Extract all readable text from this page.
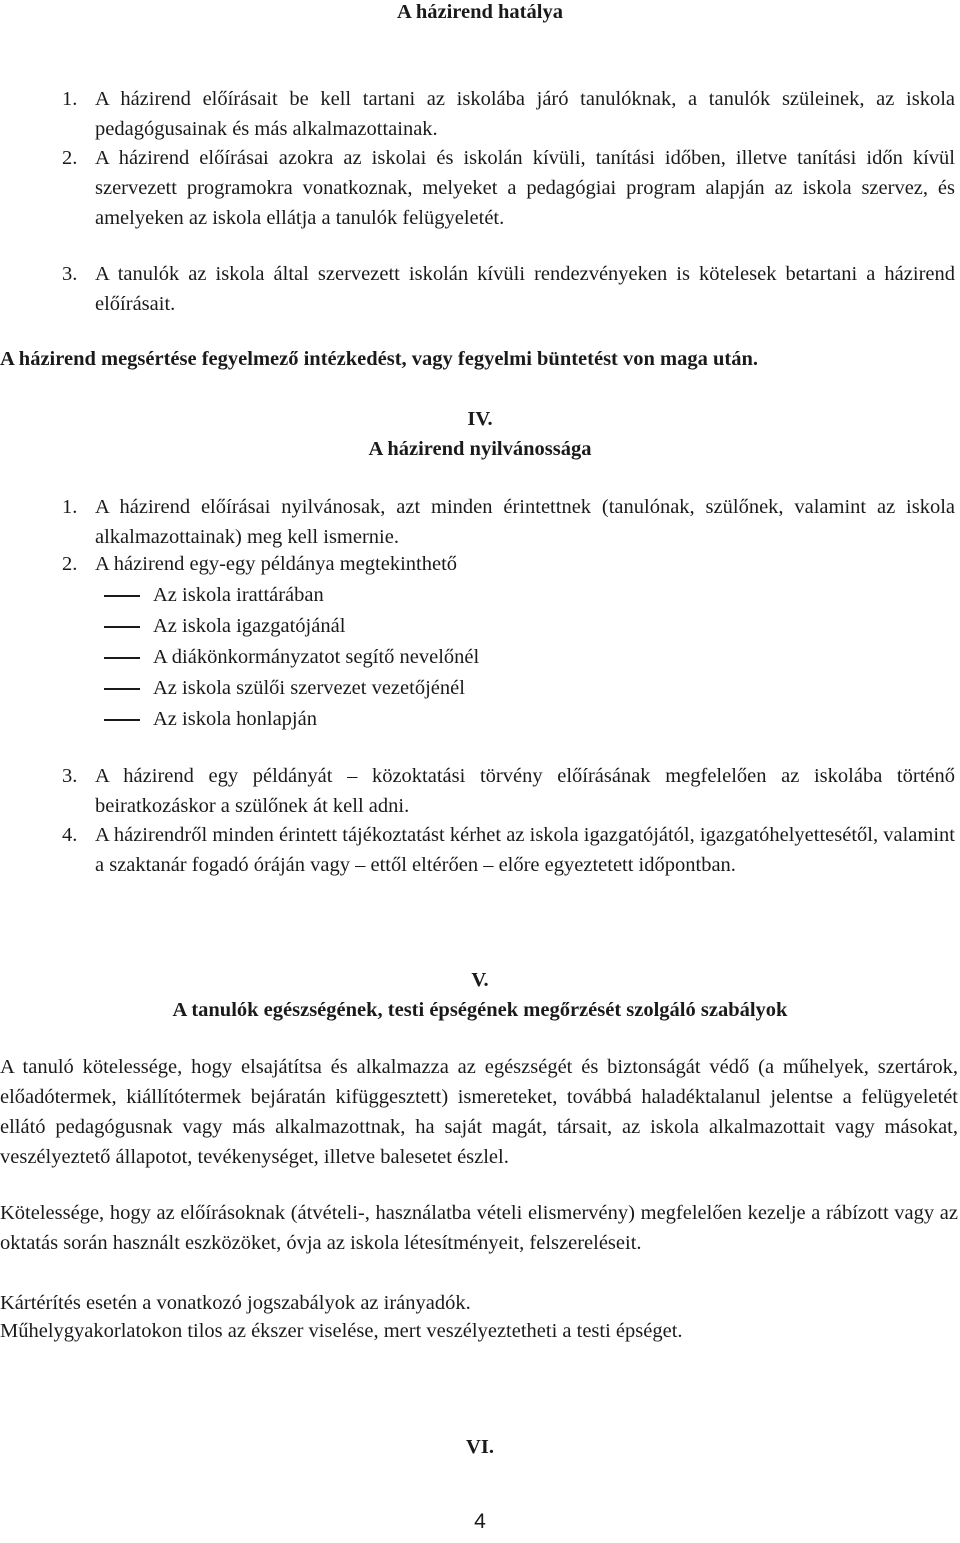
A házirend hatálya
1. A házirend előírásait be kell tartani az iskolába járó tanulóknak, a tanulók szüleinek, az iskola pedagógusainak és más alkalmazottainak.
2. A házirend előírásai azokra az iskolai és iskolán kívüli, tanítási időben, illetve tanítási időn kívül szervezett programokra vonatkoznak, melyeket a pedagógiai program alapján az iskola szervez, és amelyeken az iskola ellátja a tanulók felügyeletét.
3. A tanulók az iskola által szervezett iskolán kívüli rendezvényeken is kötelesek betartani a házirend előírásait.
A házirend megsértése fegyelmező intézkedést, vagy fegyelmi büntetést von maga után.
IV.
A házirend nyilvánossága
1. A házirend előírásai nyilvánosak, azt minden érintettnek (tanulónak, szülőnek, valamint az iskola alkalmazottainak) meg kell ismernie.
2. A házirend egy-egy példánya megtekinthető
Az iskola irattárában
Az iskola igazgatójánál
A diákönkormányzatot segítő nevelőnél
Az iskola szülői szervezet vezetőjénél
Az iskola honlapján
3. A házirend egy példányát – közoktatási törvény előírásának megfelelően az iskolába történő beiratkozáskor a szülőnek át kell adni.
4. A házirendről minden érintett tájékoztatást kérhet az iskola igazgatójától, igazgatóhelyettesétől, valamint a szaktanár fogadó óráján vagy – ettől eltérően – előre egyeztetett időpontban.
V.
A tanulók egészségének, testi épségének megőrzését szolgáló szabályok
A tanuló kötelessége, hogy elsajátítsa és alkalmazza az egészségét és biztonságát védő (a műhelyek, szertárok, előadótermek, kiállítótermek bejáratán kifüggesztett) ismereteket, továbbá haladéktalanul jelentse a felügyeletét ellátó pedagógusnak vagy más alkalmazottnak, ha saját magát, társait, az iskola alkalmazottait vagy másokat, veszélyeztető állapotot, tevékenységet, illetve balesetet észlel.
Kötelessége, hogy az előírásoknak (átvételi-, használatba vételi elismervény) megfelelően kezelje a rábízott vagy az oktatás során használt eszközöket, óvja az iskola létesítményeit, felszereléseit.
Kártérítés esetén a vonatkozó jogszabályok az irányadók.
Műhelygyakorlatokon tilos az ékszer viselése, mert veszélyeztetheti a testi épséget.
VI.
4
